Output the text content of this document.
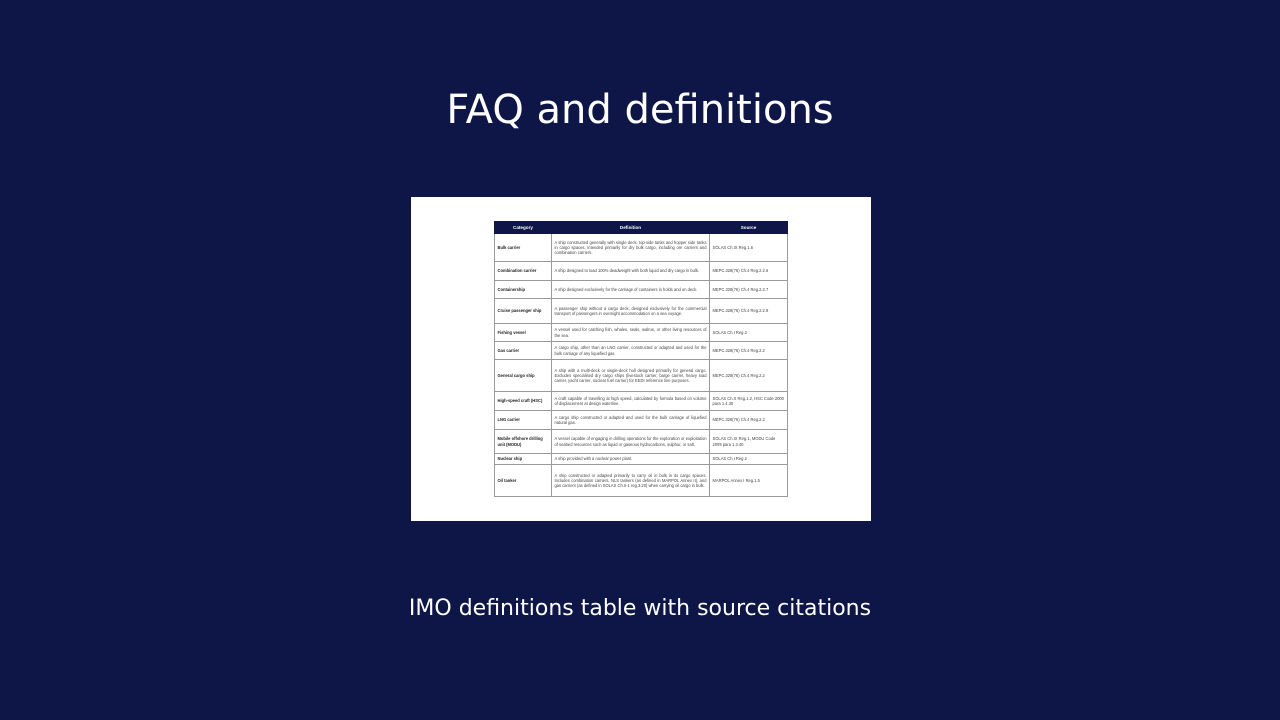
FAQ and definitions
Category	Definition	Source
Bulk carrier	A ship constructed generally with single deck, top-side tanks and hopper side tanks in cargo spaces, intended primarily for dry bulk cargo, including ore carriers and combination carriers.	SOLAS Ch.IX Reg.1.6
Combination carrier	A ship designed to load 100% deadweight with both liquid and dry cargo in bulk.	MEPC.328(76) Ch.4 Reg.2.2.6
Containership	A ship designed exclusively for the carriage of containers in holds and on deck.	MEPC.328(76) Ch.4 Reg.2.2.7
Cruise passenger ship	A passenger ship without a cargo deck, designed exclusively for the commercial transport of passengers in overnight accommodation on a sea voyage.	MEPC.328(76) Ch.4 Reg.2.2.9
Fishing vessel	A vessel used for catching fish, whales, seals, walrus, or other living resources of the sea.	SOLAS Ch.I Reg.2
Gas carrier	A cargo ship, other than an LNG carrier, constructed or adapted and used for the bulk carriage of any liquefied gas.	MEPC.328(76) Ch.4 Reg.2.2
General cargo ship	A ship with a multi-deck or single-deck hull designed primarily for general cargo. Excludes specialised dry cargo ships (livestock carrier, barge carrier, heavy load carrier, yacht carrier, nuclear fuel carrier) for EEDI reference line purposes.	MEPC.328(76) Ch.4 Reg.2.2
High-speed craft (HSC)	A craft capable of travelling at high speed, calculated by formula based on volume of displacement at design waterline.	SOLAS Ch.X Reg.1.2, HSC Code 2000 para 1.4.30
LNG carrier	A cargo ship constructed or adapted and used for the bulk carriage of liquefied natural gas.	MEPC.328(76) Ch.4 Reg.2.2
Mobile offshore drilling unit (MODU)	A vessel capable of engaging in drilling operations for the exploration or exploitation of seabed resources such as liquid or gaseous hydrocarbons, sulphur, or salt.	SOLAS Ch.IX Reg.1, MODU Code 2009 para 1.3.40
Nuclear ship	A ship provided with a nuclear power plant.	SOLAS Ch.I Reg.2
Oil tanker	A ship constructed or adapted primarily to carry oil in bulk in its cargo spaces. Includes combination carriers, NLS tankers (as defined in MARPOL Annex II), and gas carriers (as defined in SOLAS Ch.II-1 reg.3.20) when carrying oil cargo in bulk.	MARPOL Annex I Reg.1.5

IMO definitions table with source citations
